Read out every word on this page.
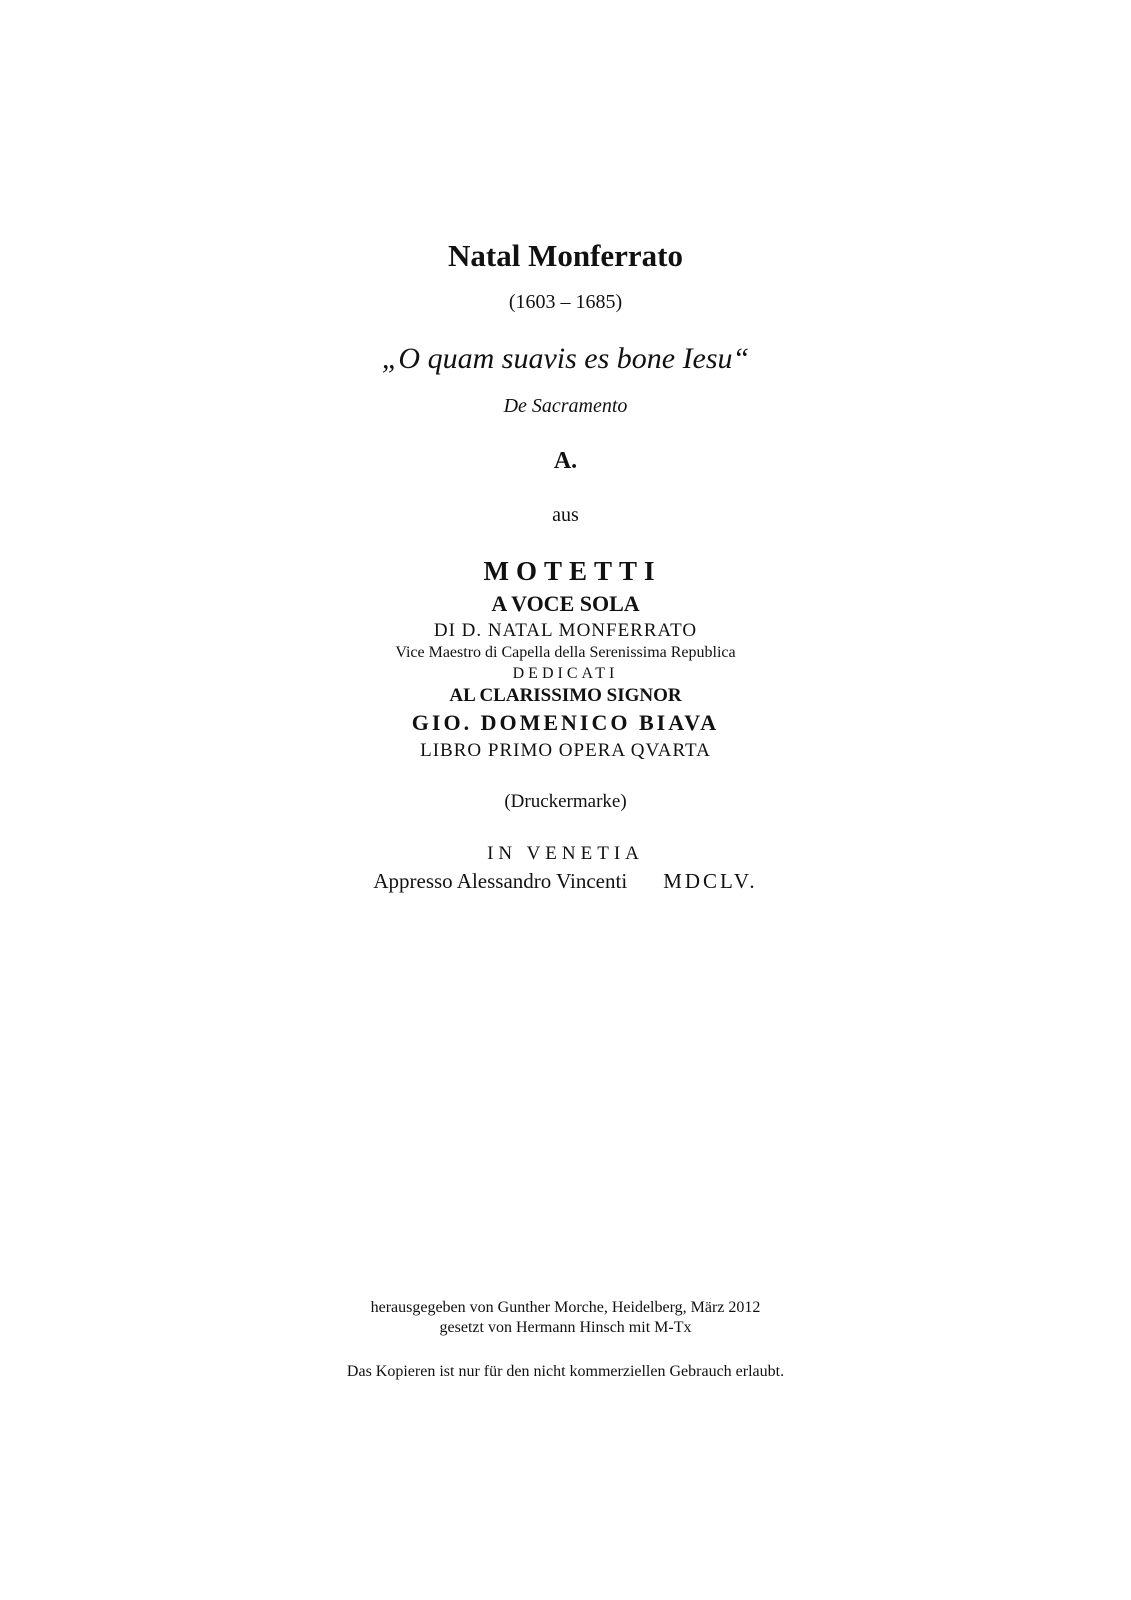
Natal Monferrato
(1603 – 1685)
„O quam suavis es bone Iesu“
De Sacramento
A.
aus
MOTETTI
A VOCE SOLA
DI D. NATAL MONFERRATO
Vice Maestro di Capella della Serenissima Republica
DEDICATI
AL CLARISSIMO SIGNOR
GIO. DOMENICO BIAVA
LIBRO PRIMO OPERA QVARTA
(Druckermarke)
IN VENETIA
Appresso Alessandro Vincenti MDCLV.
herausgegeben von Gunther Morche, Heidelberg, März 2012
gesetzt von Hermann Hinsch mit M-Tx
Das Kopieren ist nur für den nicht kommerziellen Gebrauch erlaubt.
